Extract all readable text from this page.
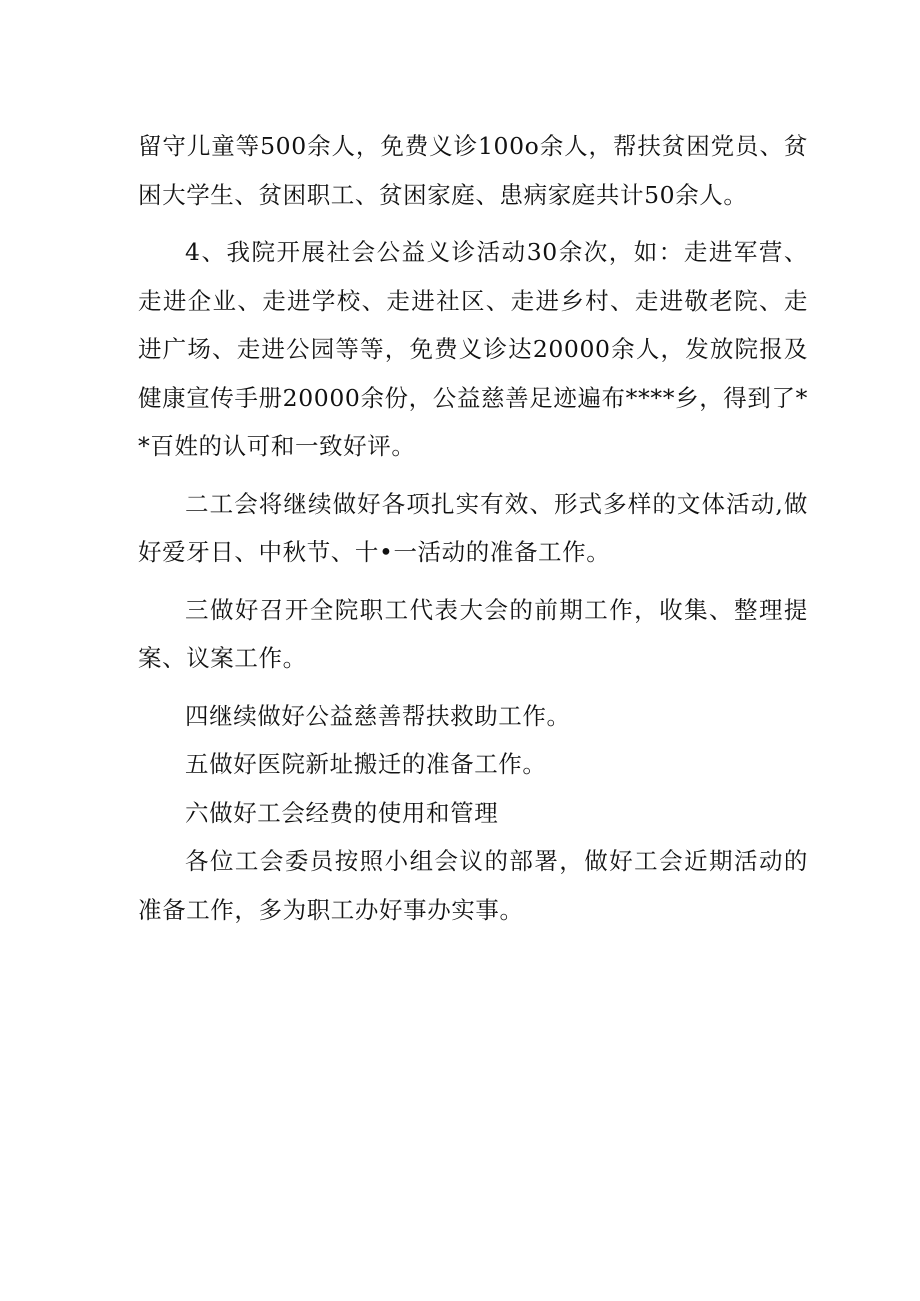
留守儿童等500余人，免费义诊100o余人，帮扶贫困党员、贫困大学生、贫困职工、贫困家庭、患病家庭共计50余人。

4、我院开展社会公益义诊活动30余次，如：走进军营、走进企业、走进学校、走进社区、走进乡村、走进敬老院、走进广场、走进公园等等，免费义诊达20000余人，发放院报及健康宣传手册20000余份，公益慈善足迹遍布****乡，得到了**百姓的认可和一致好评。

二工会将继续做好各项扎实有效、形式多样的文体活动,做好爱牙日、中秋节、十•一活动的准备工作。

三做好召开全院职工代表大会的前期工作，收集、整理提案、议案工作。

四继续做好公益慈善帮扶救助工作。

五做好医院新址搬迁的准备工作。

六做好工会经费的使用和管理

各位工会委员按照小组会议的部署，做好工会近期活动的准备工作，多为职工办好事办实事。
